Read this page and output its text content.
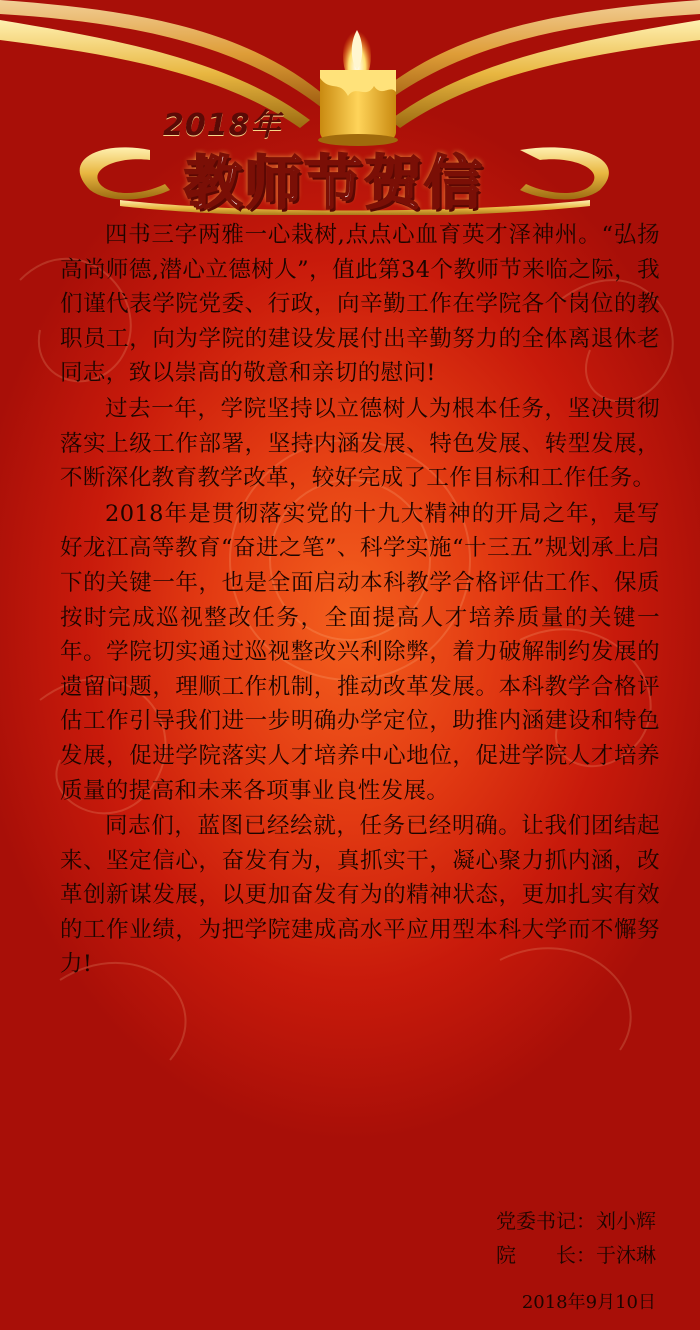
2018年

教师节贺信

四书三字两雅一心栽树,点点心血育英才泽神州。“弘扬高尚师德,潜心立德树人”，值此第34个教师节来临之际，我们谨代表学院党委、行政，向辛勤工作在学院各个岗位的教职员工，向为学院的建设发展付出辛勤努力的全体离退休老同志，致以崇高的敬意和亲切的慰问!

过去一年，学院坚持以立德树人为根本任务，坚决贯彻落实上级工作部署，坚持内涵发展、特色发展、转型发展，不断深化教育教学改革，较好完成了工作目标和工作任务。

2018年是贯彻落实党的十九大精神的开局之年，是写好龙江高等教育“奋进之笔”、科学实施“十三五”规划承上启下的关键一年，也是全面启动本科教学合格评估工作、保质按时完成巡视整改任务，全面提高人才培养质量的关键一年。学院切实通过巡视整改兴利除弊，着力破解制约发展的遗留问题，理顺工作机制，推动改革发展。本科教学合格评估工作引导我们进一步明确办学定位，助推内涵建设和特色发展，促进学院落实人才培养中心地位，促进学院人才培养质量的提高和未来各项事业良性发展。

同志们，蓝图已经绘就，任务已经明确。让我们团结起来、坚定信心，奋发有为，真抓实干，凝心聚力抓内涵，改革创新谋发展，以更加奋发有为的精神状态，更加扎实有效的工作业绩，为把学院建成高水平应用型本科大学而不懈努力!

党委书记：刘小辉

院　　长：于沐琳

2018年9月10日
